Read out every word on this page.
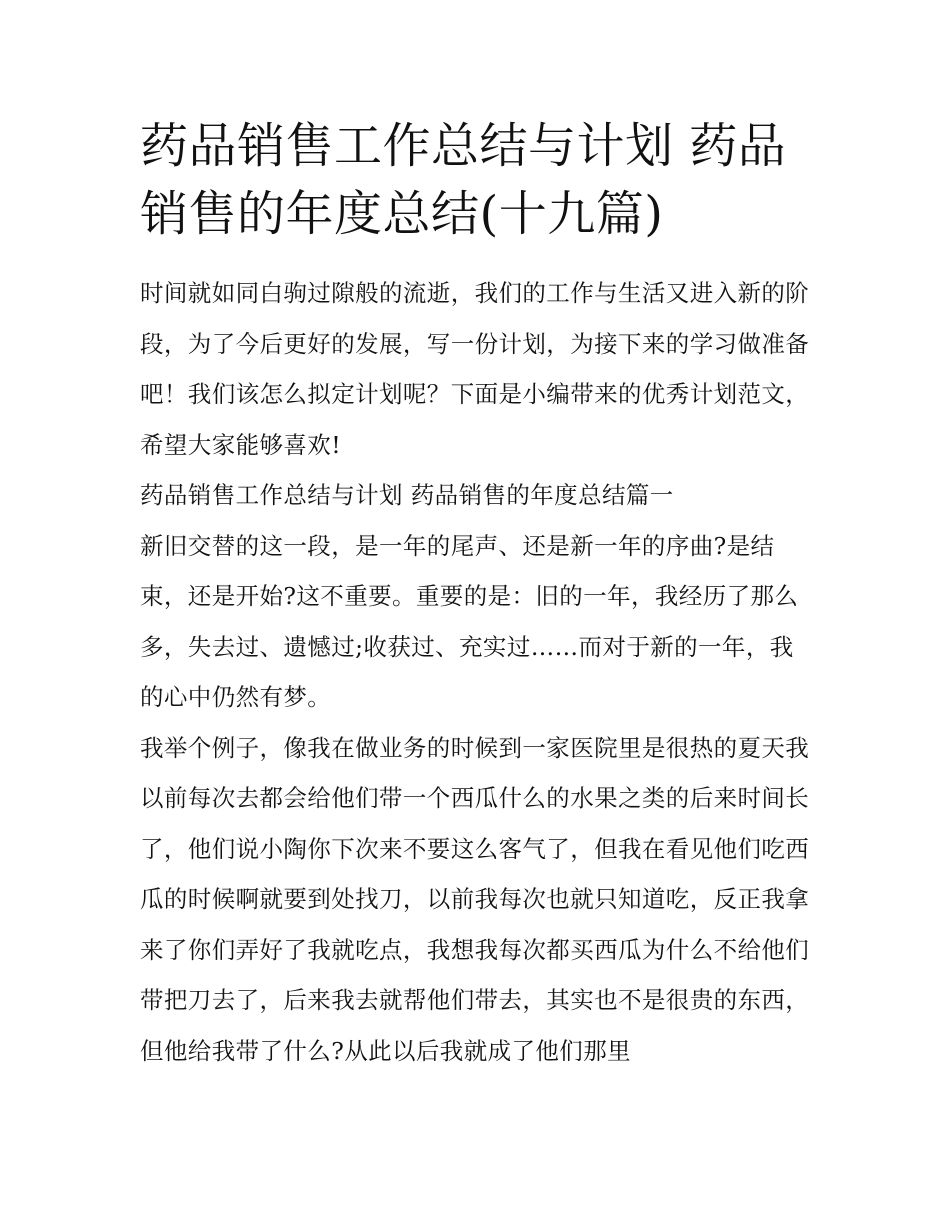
药品销售工作总结与计划 药品销售的年度总结(十九篇)

时间就如同白驹过隙般的流逝，我们的工作与生活又进入新的阶段，为了今后更好的发展，写一份计划，为接下来的学习做准备吧！我们该怎么拟定计划呢？下面是小编带来的优秀计划范文，希望大家能够喜欢!

药品销售工作总结与计划 药品销售的年度总结篇一

新旧交替的这一段，是一年的尾声、还是新一年的序曲?是结束，还是开始?这不重要。重要的是：旧的一年，我经历了那么多，失去过、遗憾过;收获过、充实过……而对于新的一年，我的心中仍然有梦。

我举个例子，像我在做业务的时候到一家医院里是很热的夏天我以前每次去都会给他们带一个西瓜什么的水果之类的后来时间长了，他们说小陶你下次来不要这么客气了，但我在看见他们吃西瓜的时候啊就要到处找刀，以前我每次也就只知道吃，反正我拿来了你们弄好了我就吃点，我想我每次都买西瓜为什么不给他们带把刀去了，后来我去就帮他们带去，其实也不是很贵的东西，但他给我带了什么?从此以后我就成了他们那里
